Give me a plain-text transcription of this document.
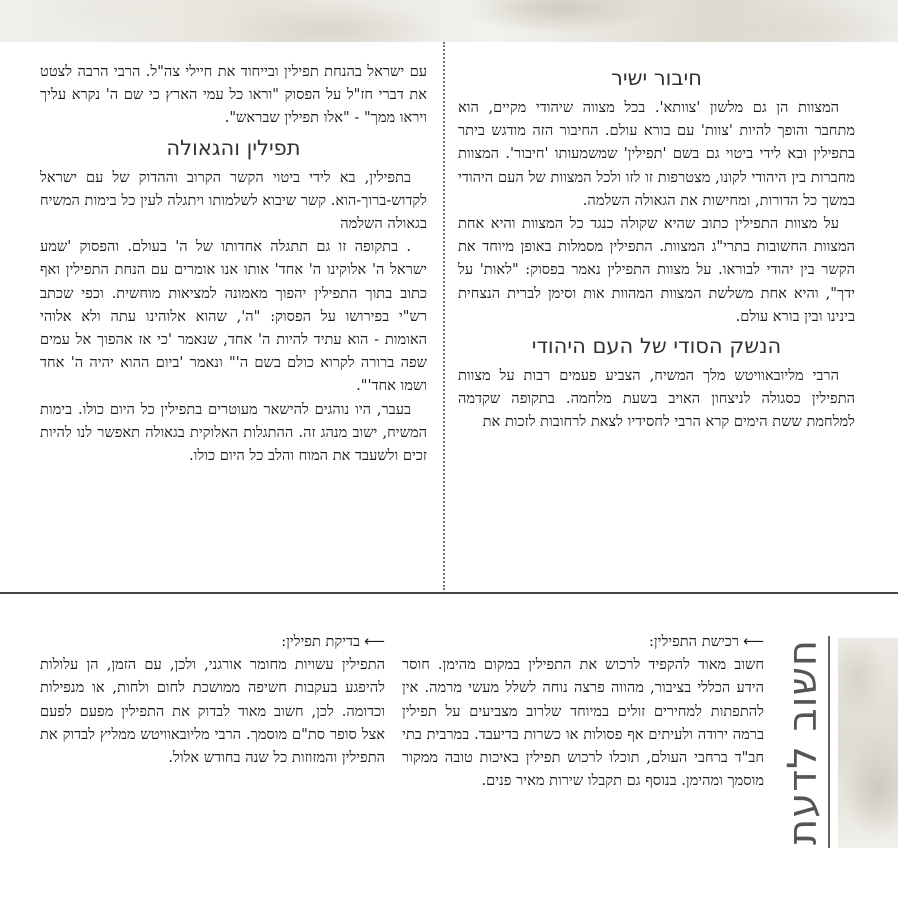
חיבור ישיר

המצוות הן גם מלשון 'צוותא'. בכל מצווה שיהודי מקיים, הוא מתחבר והופך להיות 'צוות' עם בורא עולם. החיבור הזה מודגש ביתר בתפילין ובא לידי ביטוי גם בשם 'תפילין' שמשמעותו 'חיבור'. המצוות מחברות בין היהודי לקונו, מצטרפות זו לזו ולכל המצוות של העם היהודי במשך כל הדורות, ומחישות את הגאולה השלמה.

על מצוות התפילין כתוב שהיא שקולה כנגד כל המצוות והיא אחת המצוות החשובות בתרי"ג המצוות. התפילין מסמלות באופן מיוחד את הקשר בין יהודי לבוראו. על מצוות התפילין נאמר בפסוק: "לאות' על ידך", והיא אחת משלשת המצוות המהוות אות וסימן לברית הנצחית בינינו ובין בורא עולם.

הנשק הסודי של העם היהודי

הרבי מליובאוויטש מלך המשיח, הצביע פעמים רבות על מצוות התפילין כסגולה לניצחון האויב בשעת מלחמה. בתקופה שקדמה למלחמת ששת הימים קרא הרבי לחסידיו לצאת לרחובות לזכות את

עם ישראל בהנחת תפילין ובייחוד את חיילי צה"ל. הרבי הרבה לצטט את דברי חז"ל על הפסוק "וראו כל עמי הארץ כי שם ה' נקרא עליך ויראו ממך" - "אלו תפילין שבראש".

תפילין והגאולה

בתפילין, בא לידי ביטוי הקשר הקרוב וההדוק של עם ישראל לקדוש-ברוך-הוא. קשר שיבוא לשלמותו ויתגלה לעין כל בימות המשיח בגאולה השלמה

. בתקופה זו גם תתגלה אחדותו של ה' בעולם. והפסוק 'שמע ישראל ה' אלוקינו ה' אחד' אותו אנו אומרים עם הנחת התפילין ואף כתוב בתוך התפילין יהפוך מאמונה למציאות מוחשית. וכפי שכתב רש"י בפירושו על הפסוק: "ה', שהוא אלוהינו עתה ולא אלוהי האומות - הוא עתיד להיות ה' אחד, שנאמר 'כי אז אהפוך אל עמים שפה ברורה לקרוא כולם בשם ה'" ונאמר 'ביום ההוא יהיה ה' אחד ושמו אחד'".

בעבר, היו נוהגים להישאר מעוטרים בתפילין כל היום כולו. בימות המשיח, ישוב מנהג זה. ההתגלות האלוקית בגאולה תאפשר לנו להיות זכים ולשעבד את המוח והלב כל היום כולו.

חשוב לדעת
⟵רכישת התפילין:
חשוב מאוד להקפיד לרכוש את התפילין במקום מהימן. חוסר הידע הכללי בציבור, מהווה פרצה נוחה לשלל מעשי מרמה. אין להתפתות למחירים זולים במיוחד שלרוב מצביעים על תפילין ברמה ירודה ולעיתים אף פסולות או כשרות בדיעבד. במרבית בתי חב"ד ברחבי העולם, תוכלו לרכוש תפילין באיכות טובה ממקור מוסמך ומהימן. בנוסף גם תקבלו שירות מאיר פנים.
⟵בדיקת תפילין:
התפילין עשויות מחומר אורגני, ולכן, עם הזמן, הן עלולות להיפגע בעקבות חשיפה ממושכת לחום ולחות, או מנפילות וכדומה. לכן, חשוב מאוד לבדוק את התפילין מפעם לפעם אצל סופר סת"ם מוסמך. הרבי מליובאוויטש ממליץ לבדוק את התפילין והמזוזות כל שנה בחודש אלול.
